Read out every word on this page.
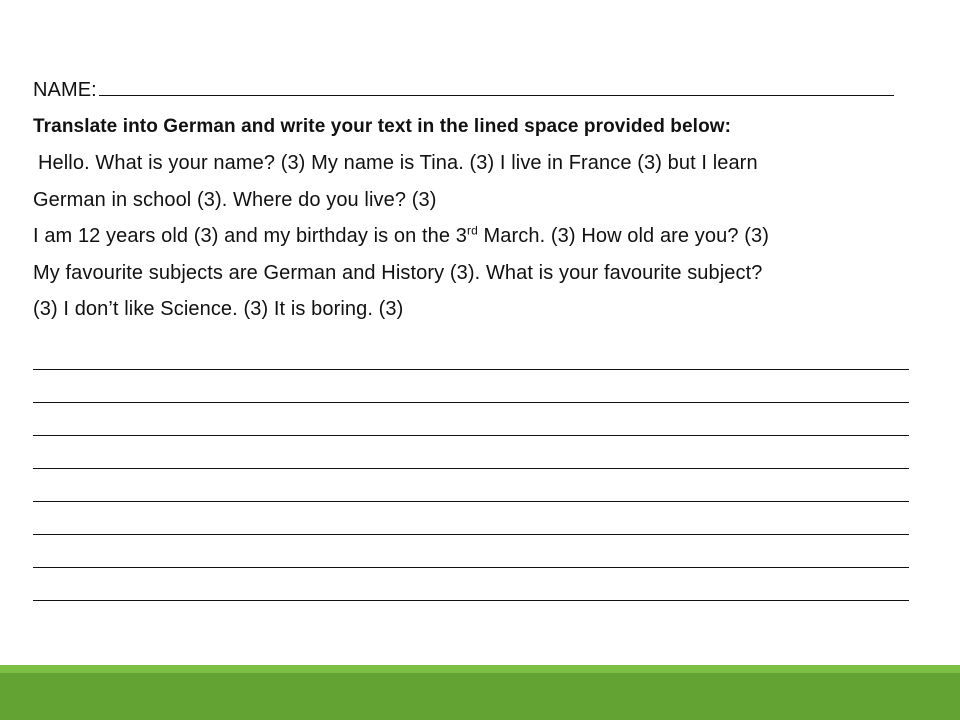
NAME:
Translate into German and write your text in the lined space provided below:
Hello. What is your name? (3) My name is Tina. (3) I live in France (3) but I learn
German in school (3). Where do you live? (3)
I am 12 years old (3) and my birthday is on the 3rd March. (3) How old are you? (3)
My favourite subjects are German and History (3). What is your favourite subject?
(3) I don’t like Science. (3) It is boring. (3)
